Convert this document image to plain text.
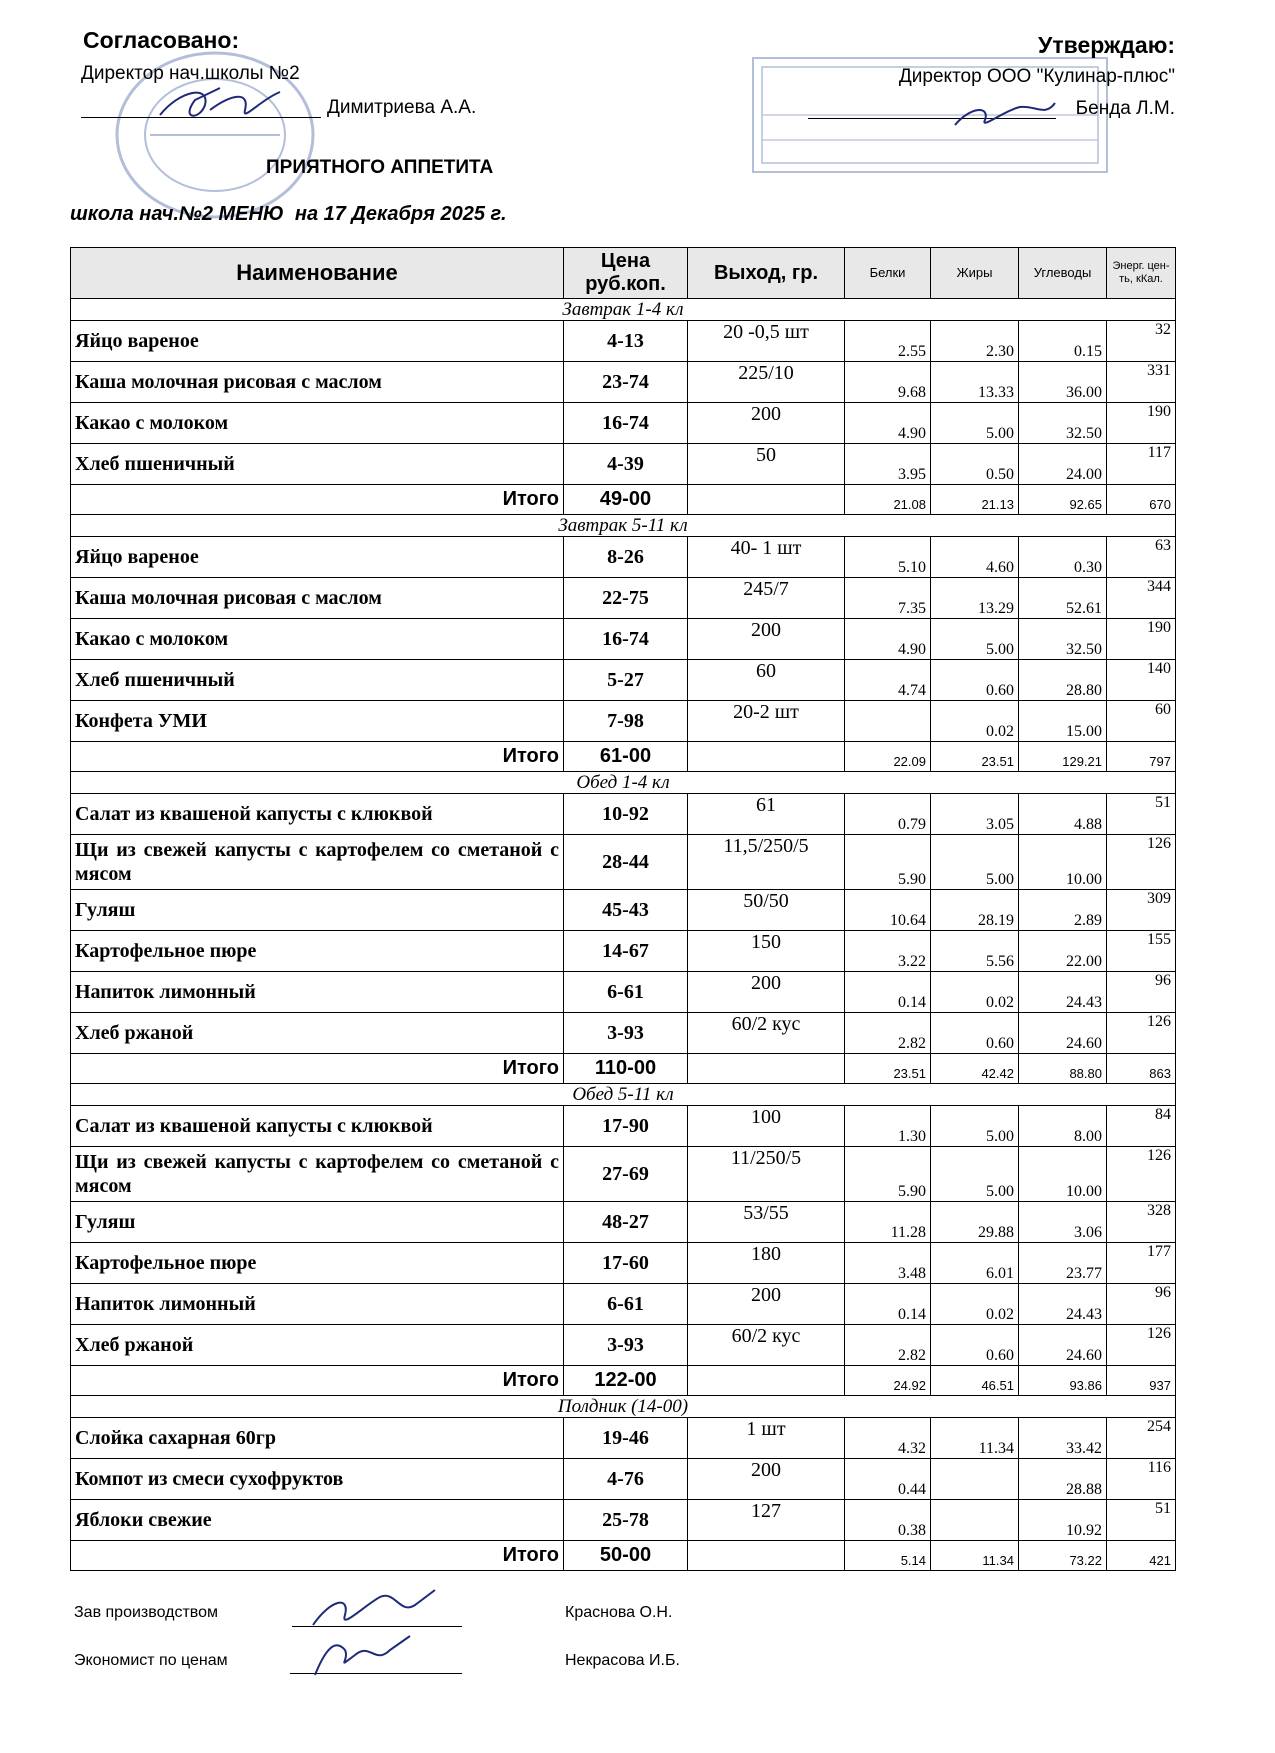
Согласовано:
Директор нач.школы №2
Димитриева А.А.
Утверждаю:
Директор ООО "Кулинар-плюс"
Бенда Л.М.
ПРИЯТНОГО АППЕТИТА
школа нач.№2 МЕНЮ  на 17 Декабря 2025 г.
Наименование	Цена руб.коп.	Выход, гр.	Белки	Жиры	Углеводы	Энерг. цен-ть, кКал.
Завтрак 1-4 кл						
Яйцо вареное	4-13	20 -0,5 шт	2.55	2.30	0.15	32
Каша молочная рисовая с маслом	23-74	225/10	9.68	13.33	36.00	331
Какао с молоком	16-74	200	4.90	5.00	32.50	190
Хлеб пшеничный	4-39	50	3.95	0.50	24.00	117
Итого	49-00		21.08	21.13	92.65	670
Завтрак 5-11 кл						
Яйцо вареное	8-26	40- 1 шт	5.10	4.60	0.30	63
Каша молочная рисовая с маслом	22-75	245/7	7.35	13.29	52.61	344
Какао с молоком	16-74	200	4.90	5.00	32.50	190
Хлеб пшеничный	5-27	60	4.74	0.60	28.80	140
Конфета УМИ	7-98	20-2 шт		0.02	15.00	60
Итого	61-00		22.09	23.51	129.21	797
Обед 1-4 кл						
Салат из квашеной капусты с клюквой	10-92	61	0.79	3.05	4.88	51
Щи из свежей капусты с картофелем со сметаной с мясом	28-44	11,5/250/5	5.90	5.00	10.00	126
Гуляш	45-43	50/50	10.64	28.19	2.89	309
Картофельное пюре	14-67	150	3.22	5.56	22.00	155
Напиток лимонный	6-61	200	0.14	0.02	24.43	96
Хлеб ржаной	3-93	60/2 кус	2.82	0.60	24.60	126
Итого	110-00		23.51	42.42	88.80	863
Обед 5-11 кл						
Салат из квашеной капусты с клюквой	17-90	100	1.30	5.00	8.00	84
Щи из свежей капусты с картофелем со сметаной с мясом	27-69	11/250/5	5.90	5.00	10.00	126
Гуляш	48-27	53/55	11.28	29.88	3.06	328
Картофельное пюре	17-60	180	3.48	6.01	23.77	177
Напиток лимонный	6-61	200	0.14	0.02	24.43	96
Хлеб ржаной	3-93	60/2 кус	2.82	0.60	24.60	126
Итого	122-00		24.92	46.51	93.86	937
Полдник (14-00)						
Слойка сахарная 60гр	19-46	1 шт	4.32	11.34	33.42	254
Компот из смеси сухофруктов	4-76	200	0.44		28.88	116
Яблоки свежие	25-78	127	0.38		10.92	51
Итого	50-00		5.14	11.34	73.22	421
Зав производством	Краснова О.Н.
Экономист по ценам	Некрасова И.Б.
